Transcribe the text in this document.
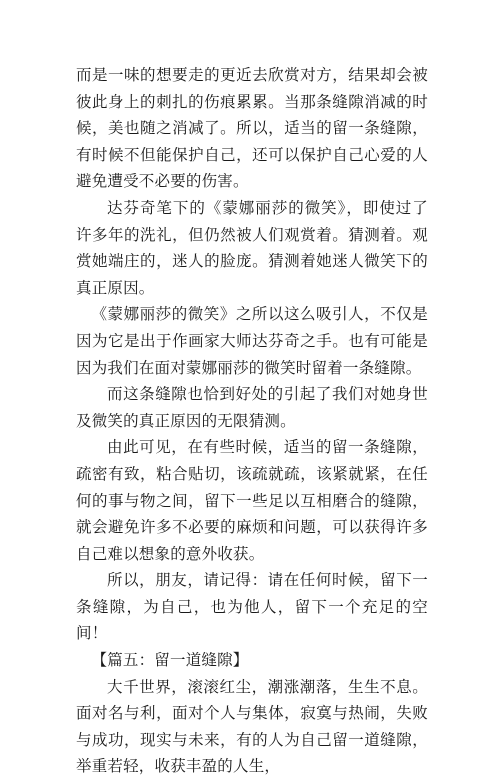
而是一味的想要走的更近去欣赏对方，结果却会被彼此身上的刺扎的伤痕累累。当那条缝隙消减的时候，美也随之消减了。所以，适当的留一条缝隙，有时候不但能保护自己，还可以保护自己心爱的人避免遭受不必要的伤害。

达芬奇笔下的《蒙娜丽莎的微笑》，即使过了许多年的洗礼，但仍然被人们观赏着。猜测着。观赏她端庄的，迷人的脸庞。猜测着她迷人微笑下的真正原因。

《蒙娜丽莎的微笑》之所以这么吸引人，不仅是因为它是出于作画家大师达芬奇之手。也有可能是因为我们在面对蒙娜丽莎的微笑时留着一条缝隙。

而这条缝隙也恰到好处的引起了我们对她身世及微笑的真正原因的无限猜测。

由此可见，在有些时候，适当的留一条缝隙，疏密有致，粘合贴切，该疏就疏，该紧就紧，在任何的事与物之间，留下一些足以互相磨合的缝隙，就会避免许多不必要的麻烦和问题，可以获得许多自己难以想象的意外收获。

所以，朋友，请记得：请在任何时候，留下一条缝隙，为自己，也为他人，留下一个充足的空间！

【篇五：留一道缝隙】

大千世界，滚滚红尘，潮涨潮落，生生不息。面对名与利，面对个人与集体，寂寞与热闹，失败与成功，现实与未来，有的人为自己留一道缝隙，举重若轻，收获丰盈的人生，
